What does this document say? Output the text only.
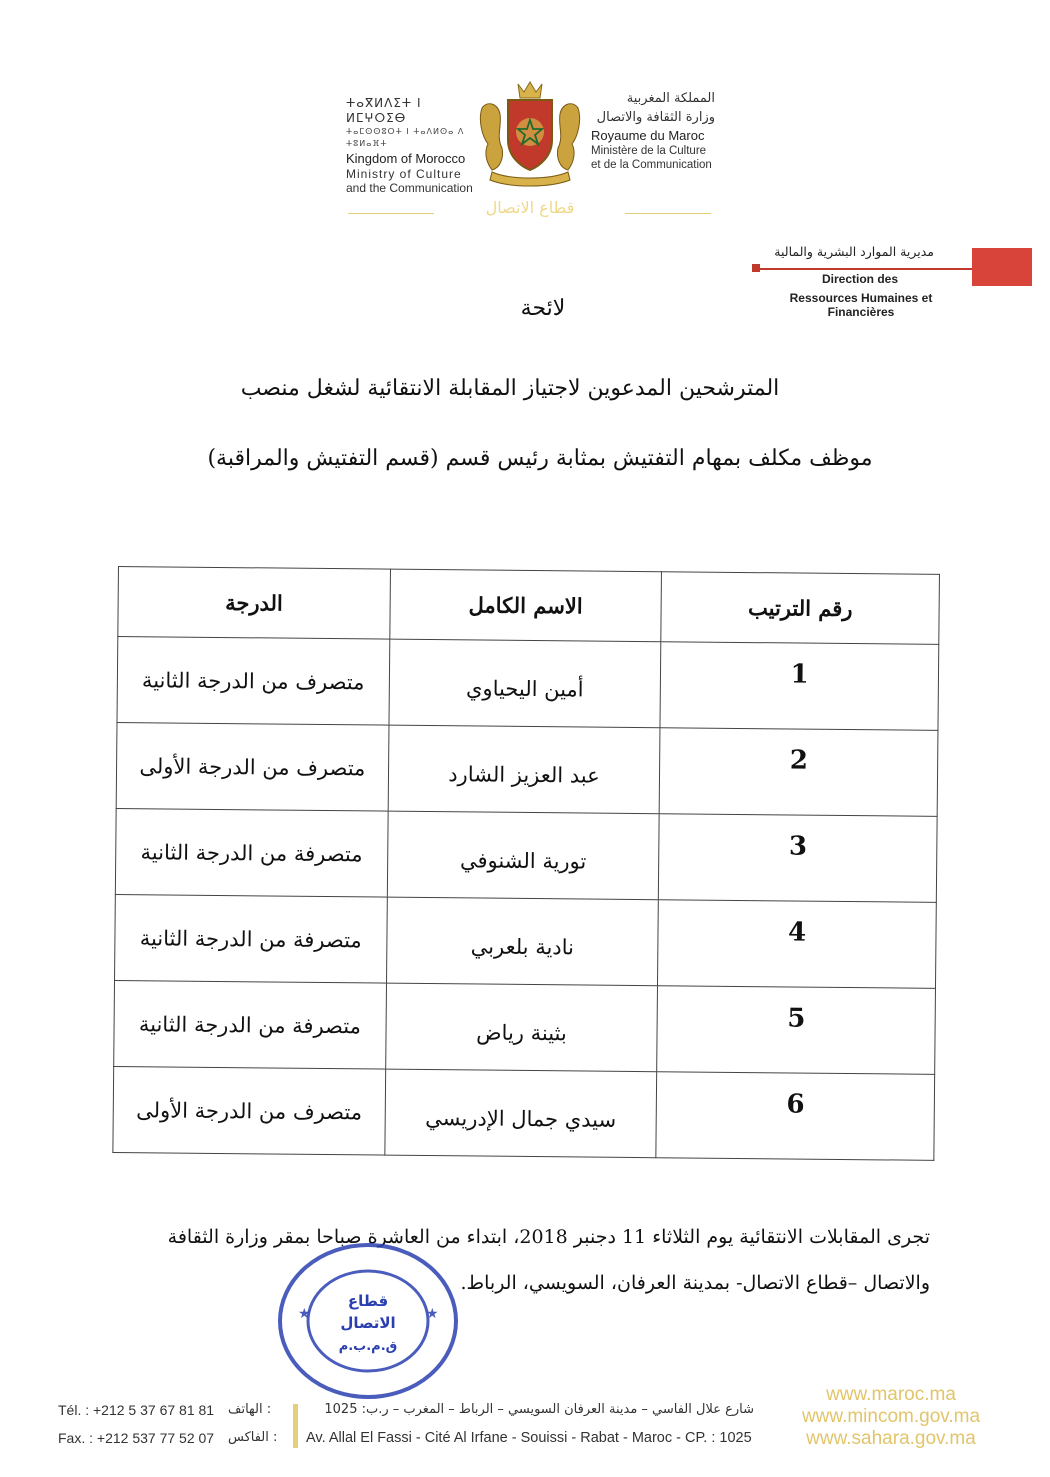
ⵜⴰⴳⵍⴷⵉⵜ ⵏ ⵍⵎⵖⵔⵉⴱ
ⵜⴰⵎⵙⵙⵓⵔⵜ ⵏ ⵜⴰⴷⵍⵙⴰ ⴷ ⵜⵓⵍⴰⴼⵜ
Kingdom of Morocco
Ministry of Culture
and the Communication
المملكة المغربية
وزارة الثقافة والاتصال
Royaume du Maroc
Ministère de la Culture
et de la Communication
قطاع الاتصال
مديرية الموارد البشرية والمالية
Direction des
Ressources Humaines et Financières
لائحة
المترشحين المدعوين لاجتياز المقابلة الانتقائية لشغل منصب
موظف مكلف بمهام التفتيش بمثابة رئيس قسم (قسم التفتيش والمراقبة)
الدرجة	الاسم الكامل	رقم الترتيب
متصرف من الدرجة الثانية	أمين اليحياوي	1
متصرف من الدرجة الأولى	عبد العزيز الشارد	2
متصرفة من الدرجة الثانية	تورية الشنوفي	3
متصرفة من الدرجة الثانية	نادية بلعربي	4
متصرفة من الدرجة الثانية	بثينة رياض	5
متصرف من الدرجة الأولى	سيدي جمال الإدريسي	6
تجرى المقابلات الانتقائية يوم الثلاثاء 11 دجنبر 2018، ابتداء من العاشرة صباحا بمقر وزارة الثقافة
والاتصال –قطاع الاتصال- بمدينة العرفان، السويسي، الرباط.
★	★
قطاع
الاتصال
ق.م.ب.م
Tél. : +212 5 37 67 81 81 : الهاتف
Fax. : +212 537 77 52 07 : الفاكس
شارع علال الفاسي – مدينة العرفان السويسي – الرباط – المغرب – ر.ب: 1025
Av. Allal El Fassi - Cité Al Irfane - Souissi - Rabat - Maroc - CP. : 1025
www.maroc.ma
www.mincom.gov.ma
www.sahara.gov.ma
